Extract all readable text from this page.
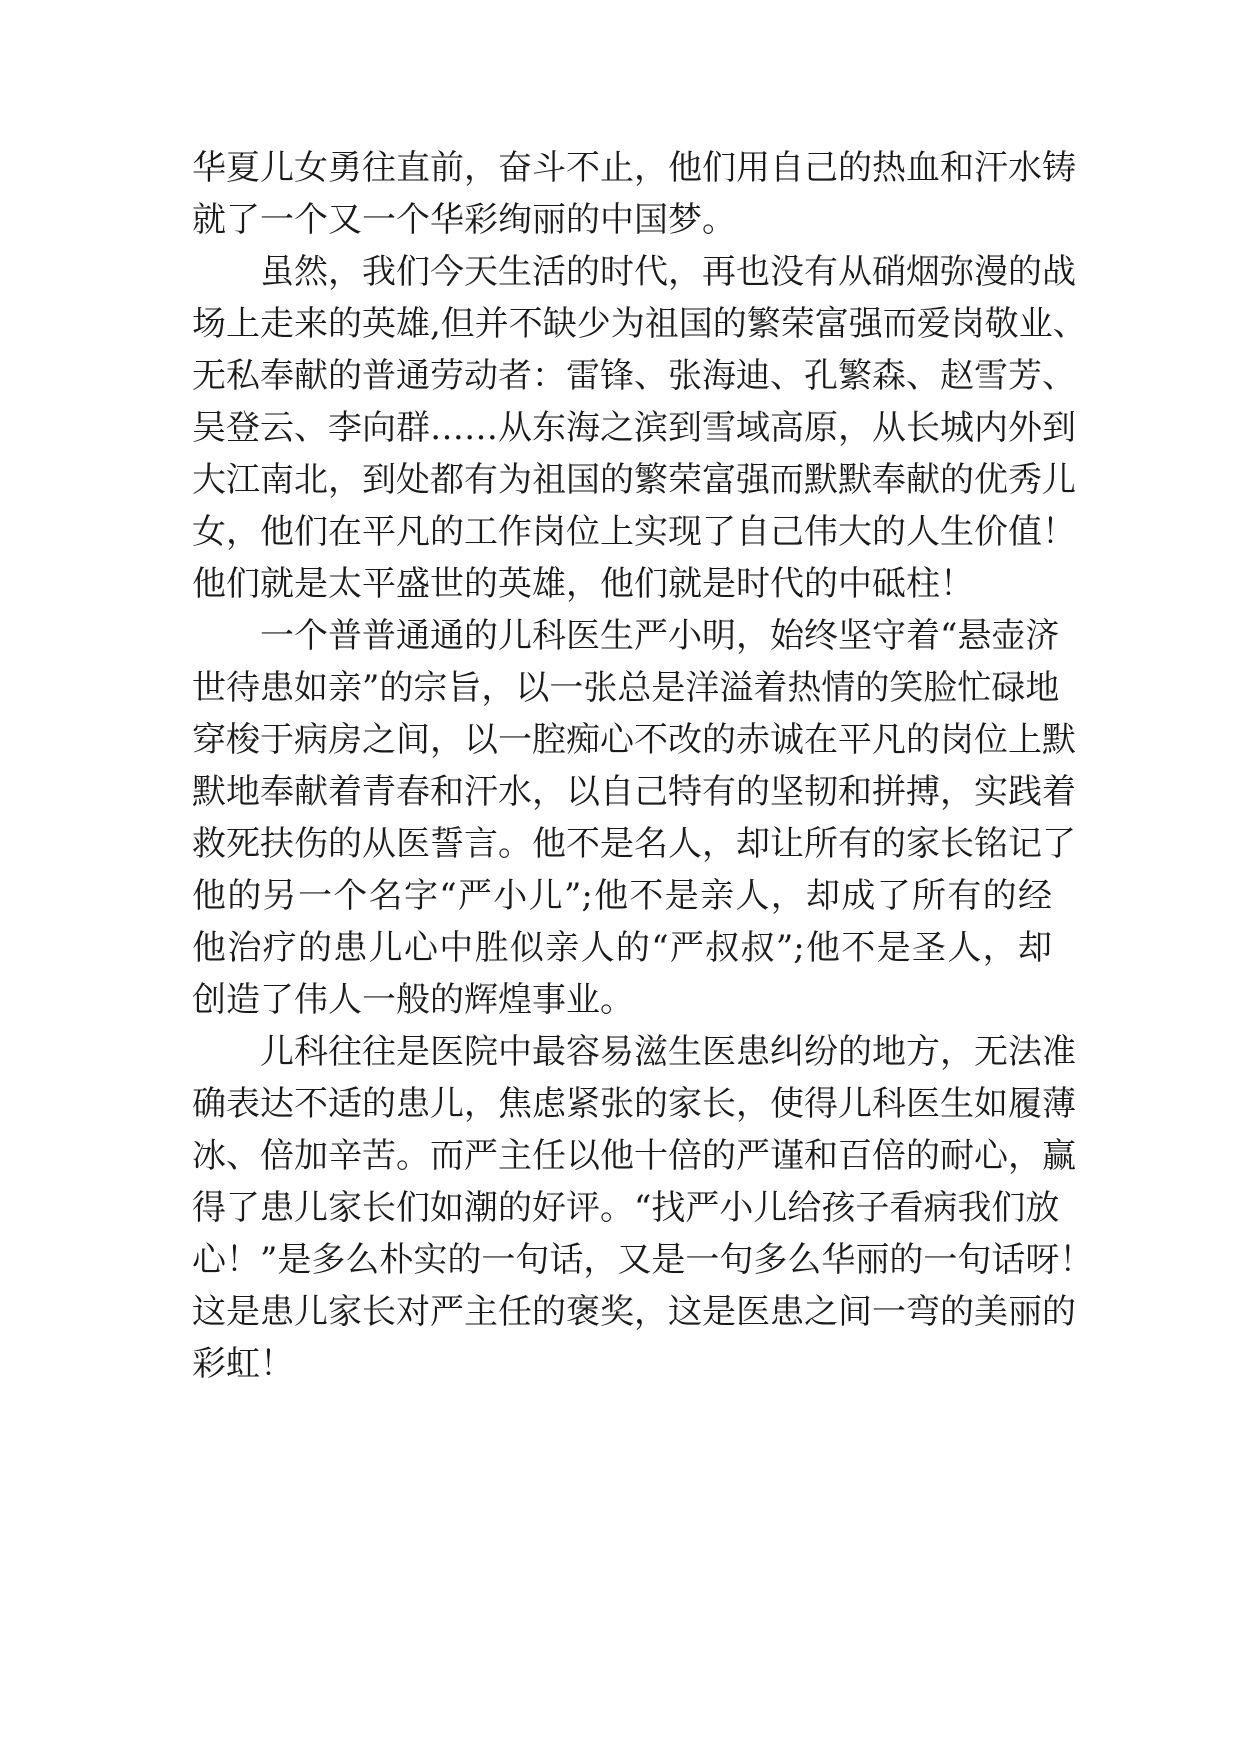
华夏儿女勇往直前，奋斗不止，他们用自己的热血和汗水铸
就了一个又一个华彩绚丽的中国梦。
虽然，我们今天生活的时代，再也没有从硝烟弥漫的战
场上走来的英雄,但并不缺少为祖国的繁荣富强而爱岗敬业、
无私奉献的普通劳动者：雷锋、张海迪、孔繁森、赵雪芳、
吴登云、李向群……从东海之滨到雪域高原，从长城内外到
大江南北，到处都有为祖国的繁荣富强而默默奉献的优秀儿
女，他们在平凡的工作岗位上实现了自己伟大的人生价值！
他们就是太平盛世的英雄，他们就是时代的中砥柱！
一个普普通通的儿科医生严小明，始终坚守着“悬壶济
世待患如亲”的宗旨，以一张总是洋溢着热情的笑脸忙碌地
穿梭于病房之间，以一腔痴心不改的赤诚在平凡的岗位上默
默地奉献着青春和汗水，以自己特有的坚韧和拼搏，实践着
救死扶伤的从医誓言。他不是名人，却让所有的家长铭记了
他的另一个名字“严小儿”;他不是亲人，却成了所有的经
他治疗的患儿心中胜似亲人的“严叔叔”;他不是圣人，却
创造了伟人一般的辉煌事业。
儿科往往是医院中最容易滋生医患纠纷的地方，无法准
确表达不适的患儿，焦虑紧张的家长，使得儿科医生如履薄
冰、倍加辛苦。而严主任以他十倍的严谨和百倍的耐心，赢
得了患儿家长们如潮的好评。“找严小儿给孩子看病我们放
心！”是多么朴实的一句话，又是一句多么华丽的一句话呀！
这是患儿家长对严主任的褒奖，这是医患之间一弯的美丽的
彩虹！
